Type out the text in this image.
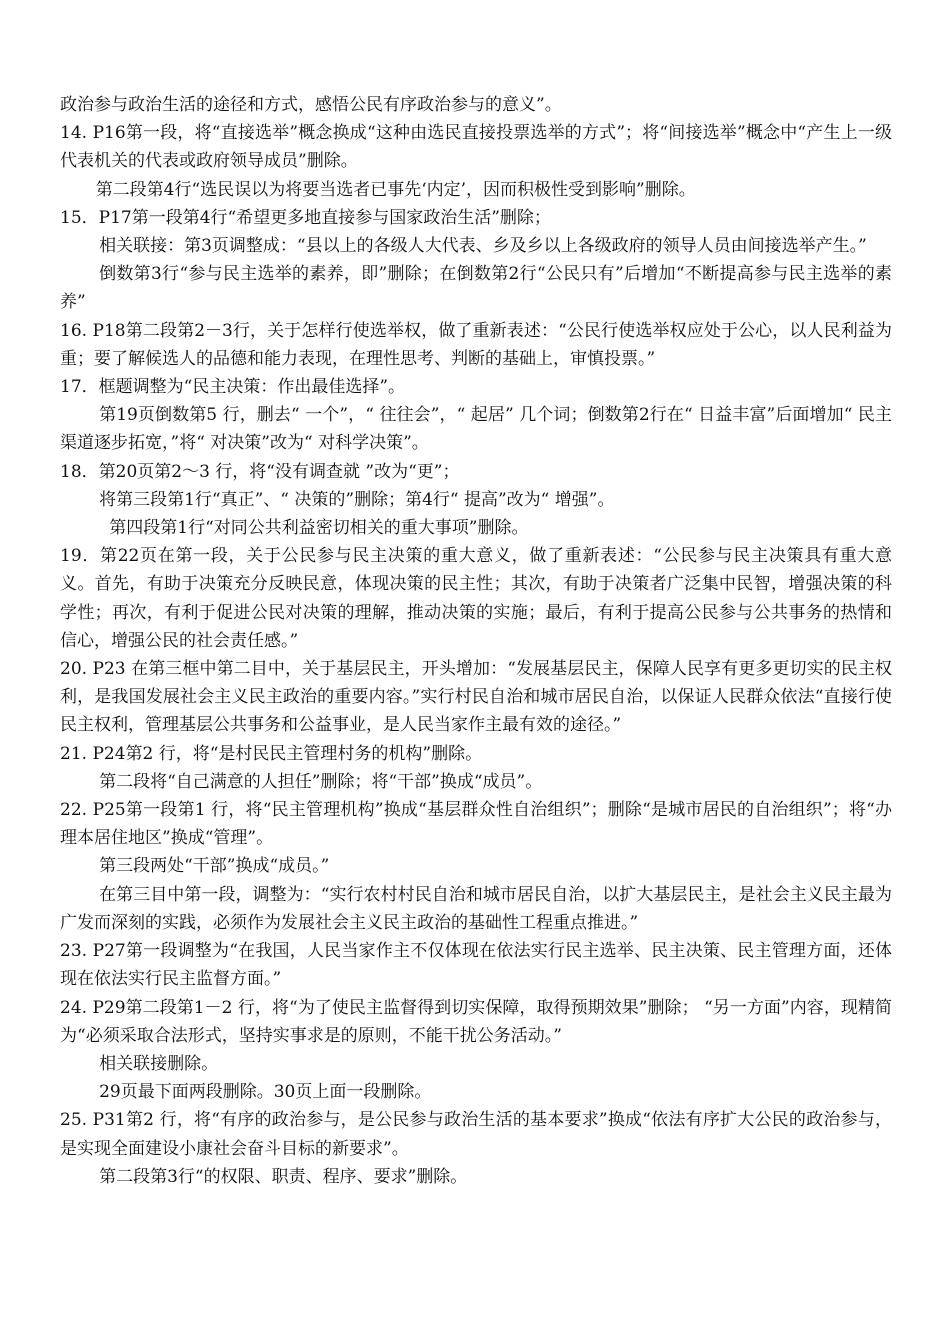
政治参与政治生活的途径和方式，感悟公民有序政治参与的意义”。

14. P16第一段，将“直接选举”概念换成“这种由选民直接投票选举的方式”；将“间接选举”概念中“产生上一级代表机关的代表或政府领导成员”删除。

第二段第4行“选民误以为将要当选者已事先‘内定’，因而积极性受到影响”删除。

15．P17第一段第4行“希望更多地直接参与国家政治生活”删除；

相关联接：第3页调整成：“县以上的各级人大代表、乡及乡以上各级政府的领导人员由间接选举产生。”

倒数第3行“参与民主选举的素养，即”删除；在倒数第2行“公民只有”后增加“不断提高参与民主选举的素养”

16. P18第二段第2－3行，关于怎样行使选举权，做了重新表述：“公民行使选举权应处于公心，以人民利益为重；要了解候选人的品德和能力表现，在理性思考、判断的基础上，审慎投票。”

17．框题调整为“民主决策：作出最佳选择”。

第19页倒数第5 行，删去“ 一个”，“ 往往会”，“ 起居” 几个词；倒数第2行在“ 日益丰富”后面增加“ 民主渠道逐步拓宽，”将“ 对决策”改为“ 对科学决策”。

18．第20页第2～3 行，将“没有调查就 ”改为“更”；

将第三段第1行“真正”、“ 决策的”删除；第4行“ 提高”改为“ 增强”。

第四段第1行“对同公共利益密切相关的重大事项”删除。

19．第22页在第一段，关于公民参与民主决策的重大意义，做了重新表述：“公民参与民主决策具有重大意义。首先，有助于决策充分反映民意，体现决策的民主性；其次，有助于决策者广泛集中民智，增强决策的科学性；再次，有利于促进公民对决策的理解，推动决策的实施；最后，有利于提高公民参与公共事务的热情和信心，增强公民的社会责任感。”

20. P23 在第三框中第二目中，关于基层民主，开头增加：“发展基层民主，保障人民享有更多更切实的民主权利，是我国发展社会主义民主政治的重要内容。”实行村民自治和城市居民自治，以保证人民群众依法“直接行使民主权利，管理基层公共事务和公益事业，是人民当家作主最有效的途径。”

21. P24第2 行，将“是村民民主管理村务的机构”删除。

第二段将“自己满意的人担任”删除；将“干部”换成“成员”。

22. P25第一段第1 行，将“民主管理机构”换成“基层群众性自治组织”；删除“是城市居民的自治组织”；将“办理本居住地区”换成“管理”。

第三段两处“干部”换成“成员。”

在第三目中第一段，调整为：“实行农村村民自治和城市居民自治，以扩大基层民主，是社会主义民主最为广发而深刻的实践，必须作为发展社会主义民主政治的基础性工程重点推进。”

23. P27第一段调整为“在我国，人民当家作主不仅体现在依法实行民主选举、民主决策、民主管理方面，还体现在依法实行民主监督方面。”

24. P29第二段第1－2 行，将“为了使民主监督得到切实保障，取得预期效果”删除； “另一方面”内容，现精简为“必须采取合法形式，坚持实事求是的原则，不能干扰公务活动。”

相关联接删除。

29页最下面两段删除。30页上面一段删除。

25. P31第2 行，将“有序的政治参与，是公民参与政治生活的基本要求”换成“依法有序扩大公民的政治参与，是实现全面建设小康社会奋斗目标的新要求”。

第二段第3行“的权限、职责、程序、要求”删除。
